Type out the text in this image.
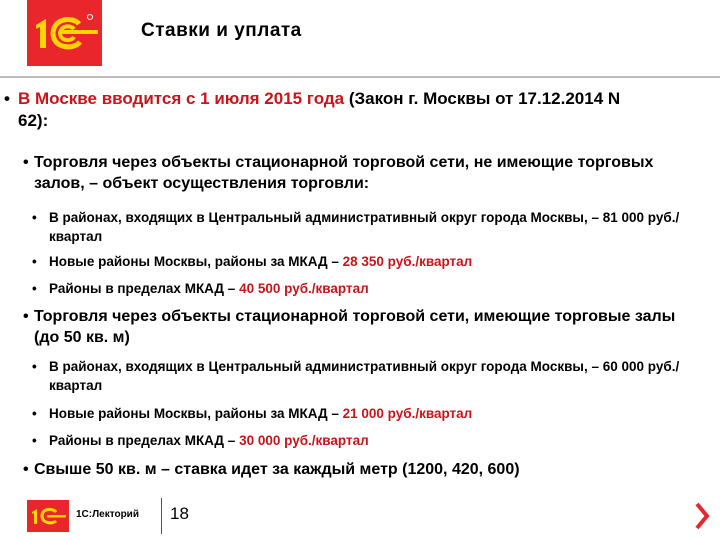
Ставки и уплата
• В Москве вводится с 1 июля 2015 года (Закон г. Москвы от 17.12.2014 N 62):
• Торговля через объекты стационарной торговой сети, не имеющие торговых залов, – объект осуществления торговли:
• В районах, входящих в Центральный административный округ города Москвы, – 81 000 руб./квартал
• Новые районы Москвы, районы за МКАД – 28 350 руб./квартал
• Районы в пределах МКАД – 40 500 руб./квартал
• Торговля через объекты стационарной торговой сети, имеющие торговые залы (до 50 кв. м)
• В районах, входящих в Центральный административный округ города Москвы, – 60 000 руб./квартал
• Новые районы Москвы, районы за МКАД – 21 000 руб./квартал
• Районы в пределах МКАД – 30 000 руб./квартал
• Свыше 50 кв. м – ставка идет за каждый метр (1200, 420, 600)
1С:Лекторий 18
